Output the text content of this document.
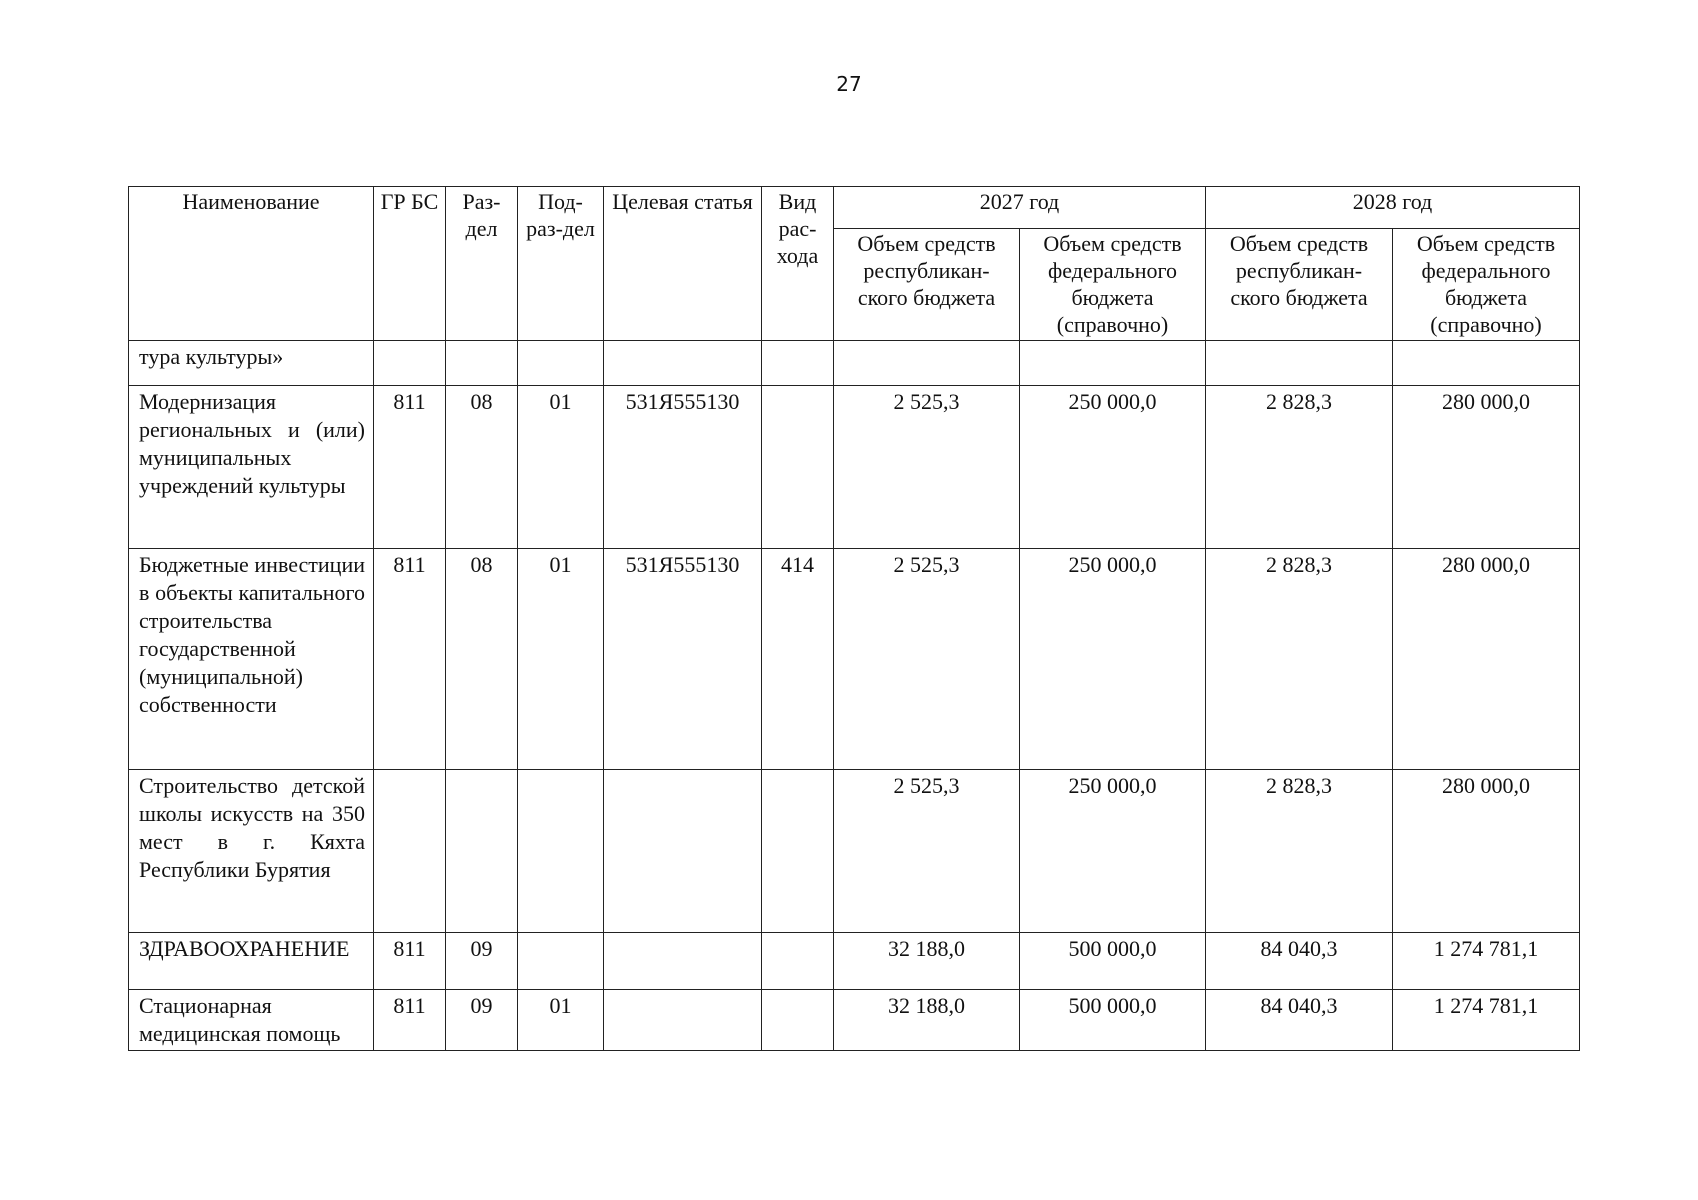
27
Наименование	ГР БС	Раз-дел	Под-раз-дел	Целевая статья	Вид рас-хода	2027 год		2028 год	
						Объем средств республикан-ского бюджета	Объем средств федерального бюджета (справочно)	Объем средств республикан-ского бюджета	Объем средств федерального бюджета (справочно)
тура культуры»									
Модернизация региональных и (или) муниципальных учреждений культуры	811	08	01	531Я555130		2 525,3	250 000,0	2 828,3	280 000,0
Бюджетные инвестиции в объекты капитального строительства государственной (муниципальной) собственности	811	08	01	531Я555130	414	2 525,3	250 000,0	2 828,3	280 000,0
Строительство детской школы искусств на 350 мест в г. Кяхта Республики Бурятия						2 525,3	250 000,0	2 828,3	280 000,0
ЗДРАВООХРАНЕНИЕ	811	09				32 188,0	500 000,0	84 040,3	1 274 781,1
Стационарная медицинская помощь	811	09	01			32 188,0	500 000,0	84 040,3	1 274 781,1
